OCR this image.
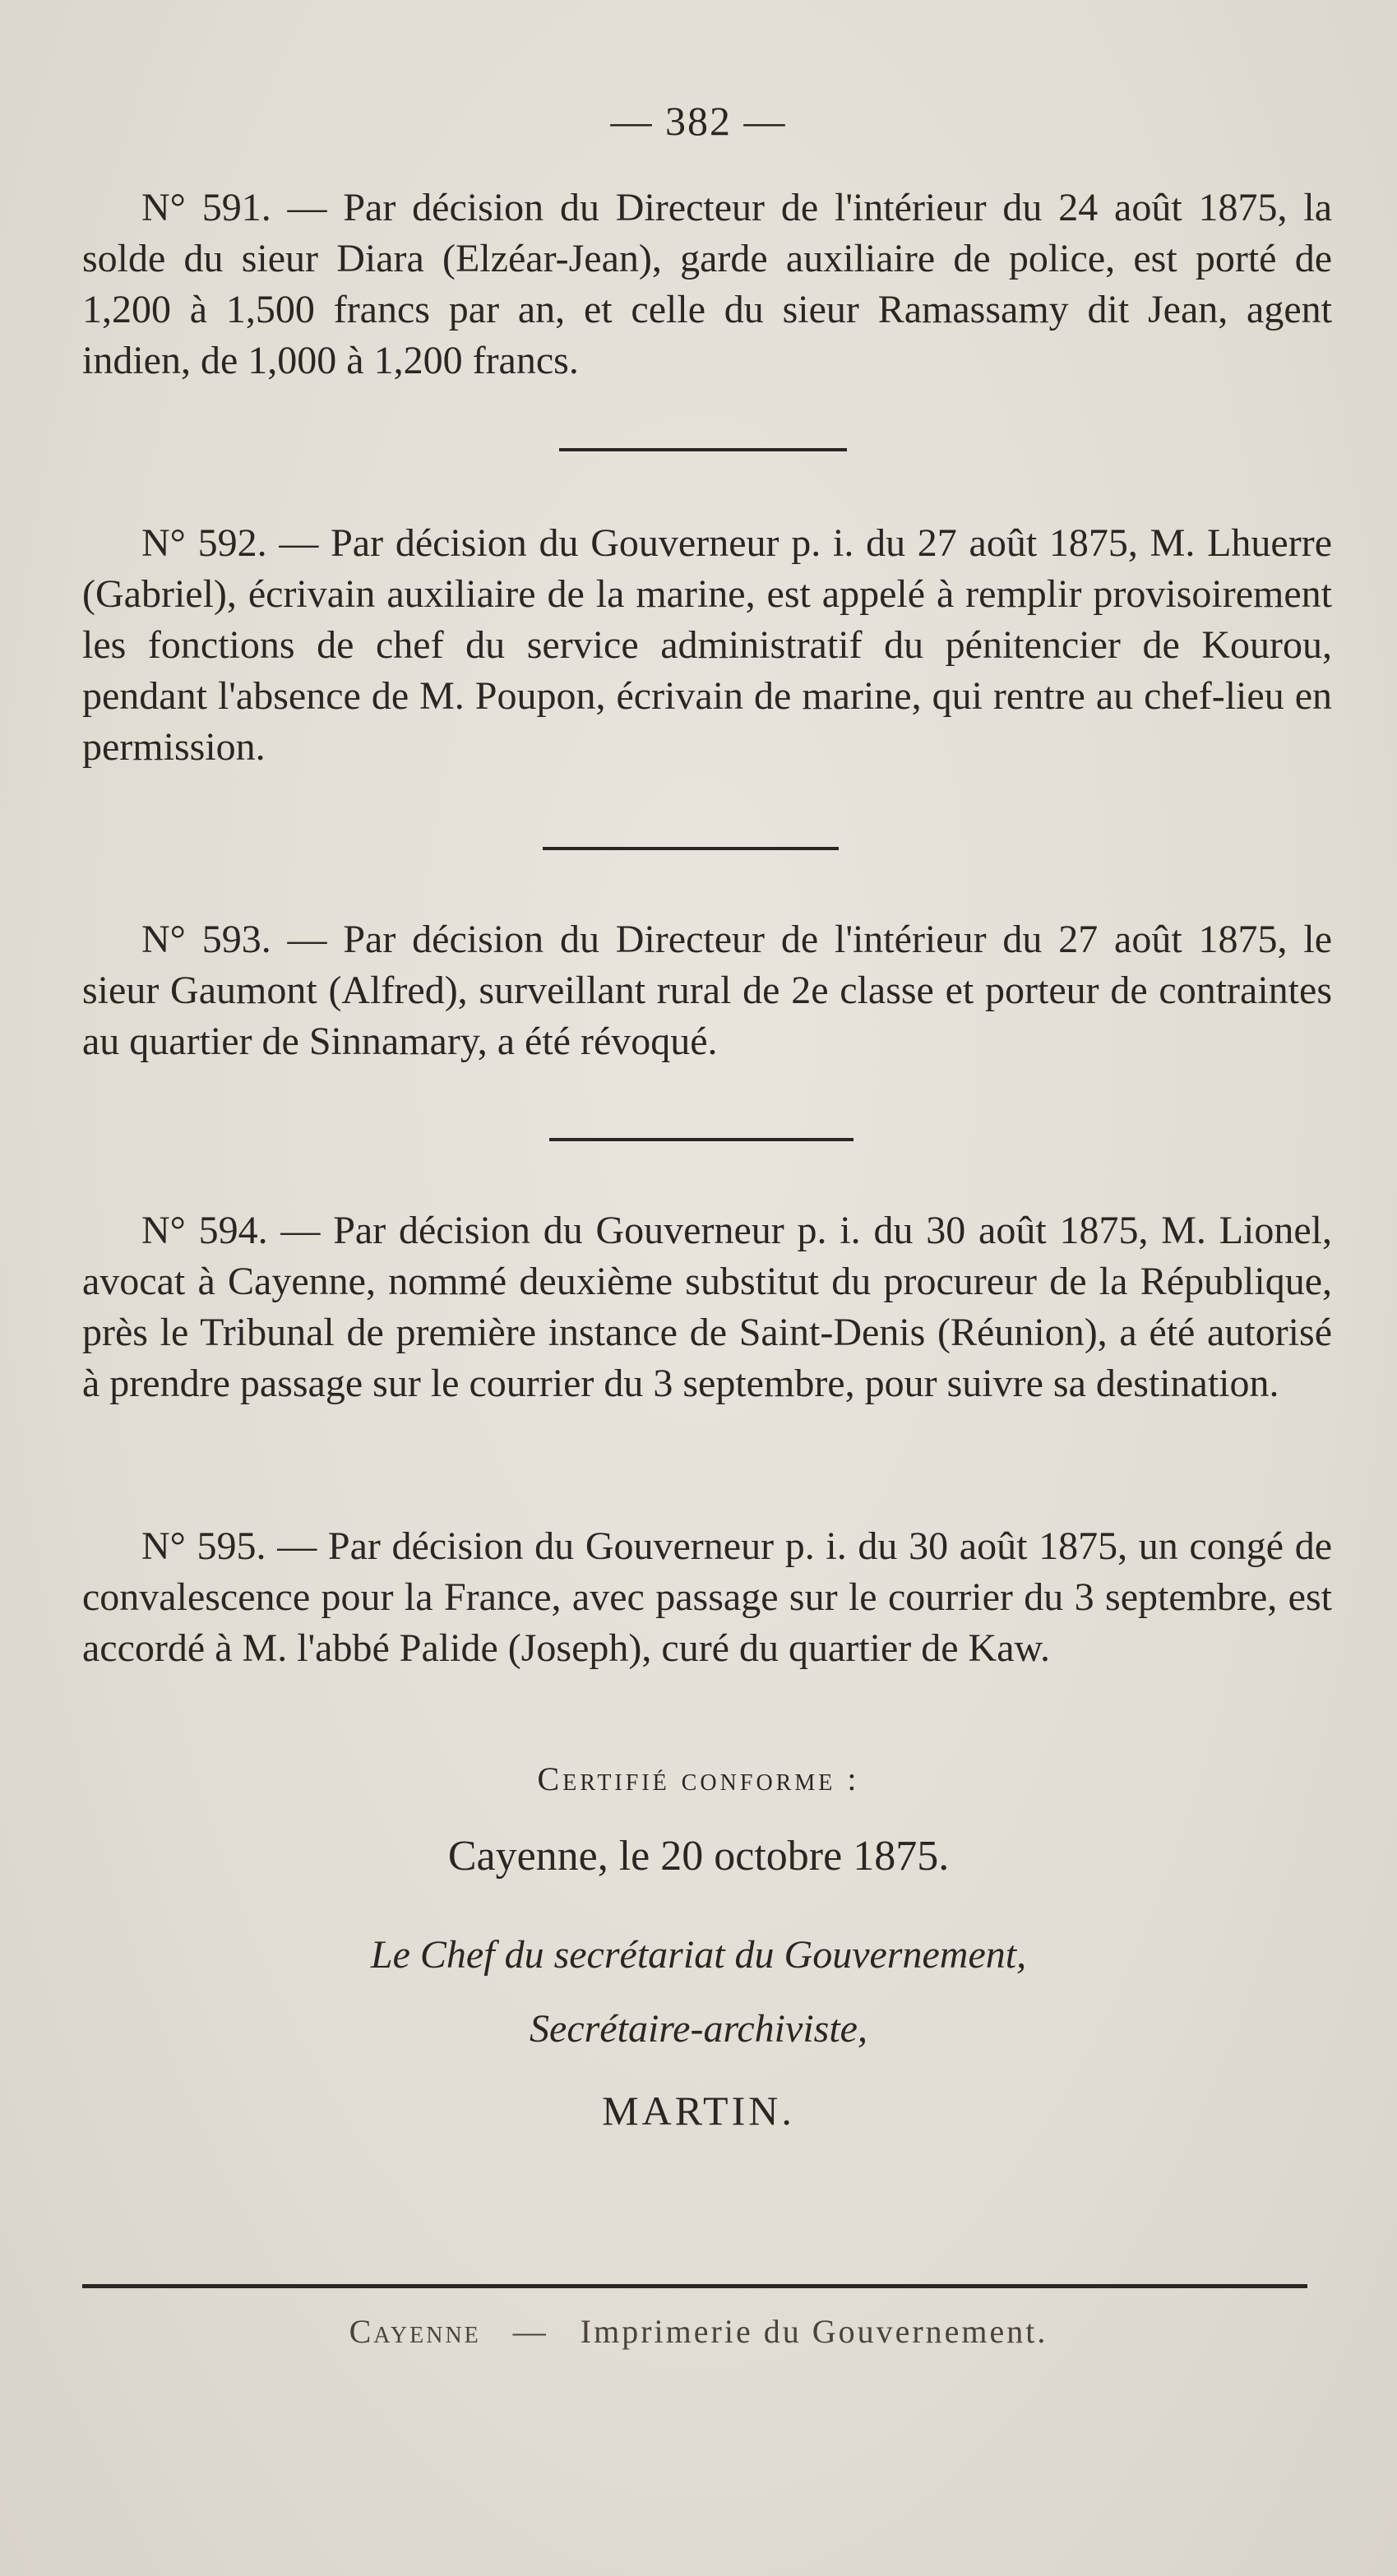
— 382 —

N° 591. — Par décision du Directeur de l'intérieur du 24 août 1875, la solde du sieur Diara (Elzéar-Jean), garde auxiliaire de police, est porté de 1,200 à 1,500 francs par an, et celle du sieur Ramassamy dit Jean, agent indien, de 1,000 à 1,200 francs.

N° 592. — Par décision du Gouverneur p. i. du 27 août 1875, M. Lhuerre (Gabriel), écrivain auxiliaire de la marine, est appelé à remplir provisoirement les fonctions de chef du service administratif du pénitencier de Kourou, pendant l'absence de M. Poupon, écrivain de marine, qui rentre au chef-lieu en permission.

N° 593. — Par décision du Directeur de l'intérieur du 27 août 1875, le sieur Gaumont (Alfred), surveillant rural de 2e classe et porteur de contraintes au quartier de Sinnamary, a été révoqué.

N° 594. — Par décision du Gouverneur p. i. du 30 août 1875, M. Lionel, avocat à Cayenne, nommé deuxième substitut du procureur de la République, près le Tribunal de première instance de Saint-Denis (Réunion), a été autorisé à prendre passage sur le courrier du 3 septembre, pour suivre sa destination.

N° 595. — Par décision du Gouverneur p. i. du 30 août 1875, un congé de convalescence pour la France, avec passage sur le courrier du 3 septembre, est accordé à M. l'abbé Palide (Joseph), curé du quartier de Kaw.

Certifié conforme :
Cayenne, le 20 octobre 1875.
Le Chef du secrétariat du Gouvernement,
Secrétaire-archiviste,
MARTIN.
Cayenne — Imprimerie du Gouvernement.
